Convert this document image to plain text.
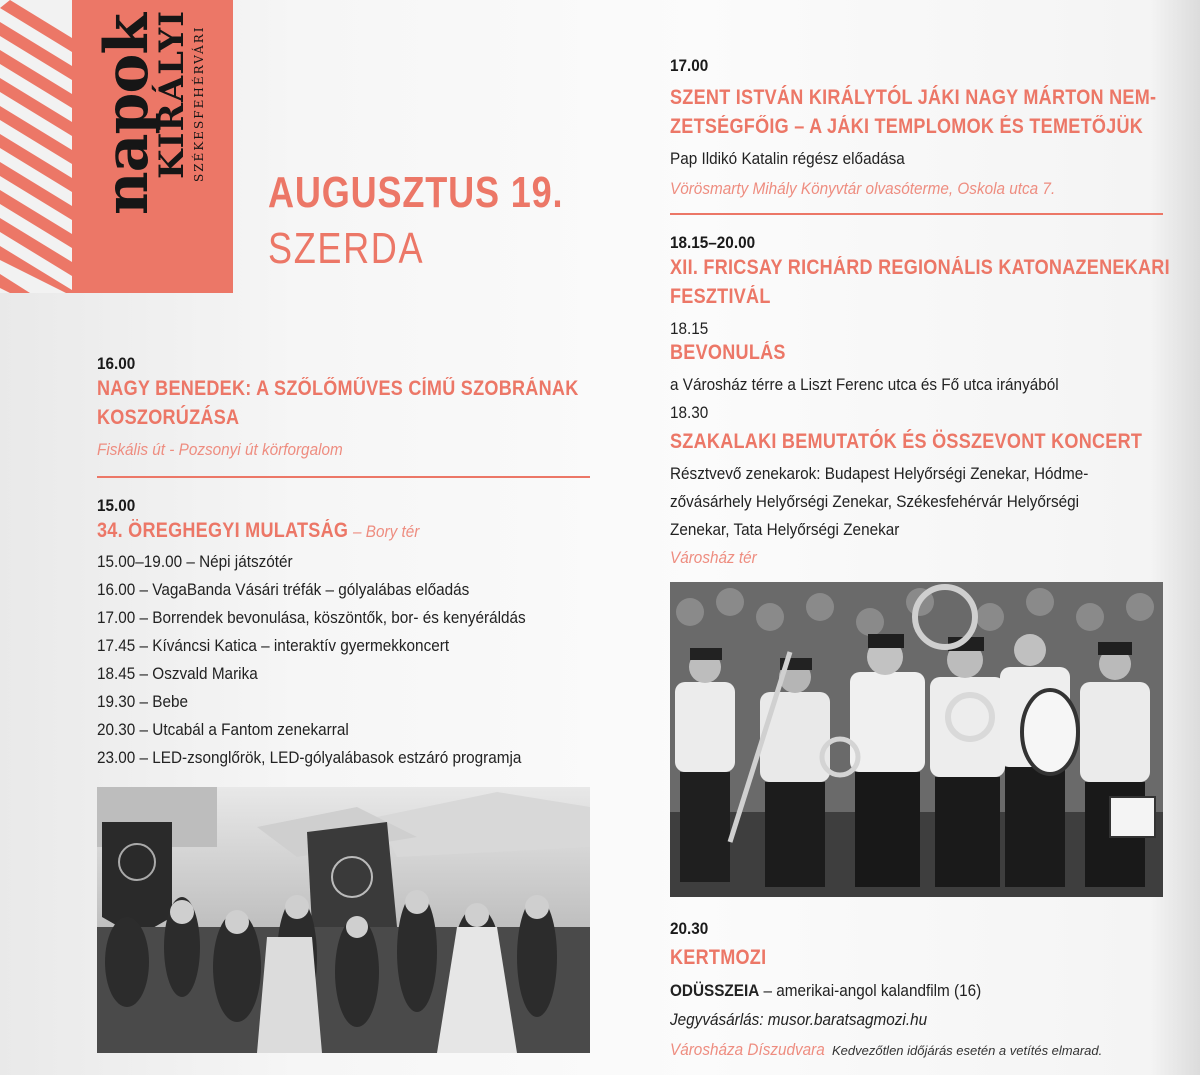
SZÉKESFEHÉRVÁRI
KIRÁLYI
napok AUGUSZTUS 19.
SZERDA
16.00
NAGY BENEDEK: A SZŐLŐMŰVES CÍMŰ SZOBRÁNAK
KOSZORÚZÁSA
Fiskális út - Pozsonyi út körforgalom
15.00
34. ÖREGHEGYI MULATSÁG – Bory tér
15.00–19.00 – Népi játszótér
16.00 – VagaBanda Vásári tréfák – gólyalábas előadás
17.00 – Borrendek bevonulása, köszöntők, bor- és kenyéráldás
17.45 – Kíváncsi Katica – interaktív gyermekkoncert
18.45 – Oszvald Marika
19.30 – Bebe
20.30 – Utcabál a Fantom zenekarral
23.00 – LED-zsonglőrök, LED-gólyalábasok estzáró programja
17.00
SZENT ISTVÁN KIRÁLYTÓL JÁKI NAGY MÁRTON NEM-
ZETSÉGFŐIG – A JÁKI TEMPLOMOK ÉS TEMETŐJÜK
Pap Ildikó Katalin régész előadása
Vörösmarty Mihály Könyvtár olvasóterme, Oskola utca 7.
18.15–20.00
XII. FRICSAY RICHÁRD REGIONÁLIS KATONAZENEKARI
FESZTIVÁL
18.15
BEVONULÁS
a Városház térre a Liszt Ferenc utca és Fő utca irányából
18.30
SZAKALAKI BEMUTATÓK ÉS ÖSSZEVONT KONCERT
Résztvevő zenekarok: Budapest Helyőrségi Zenekar, Hódme-
zővásárhely Helyőrségi Zenekar, Székesfehérvár Helyőrségi
Zenekar, Tata Helyőrségi Zenekar
Városház tér
20.30
KERTMOZI
ODÜSSZEIA – amerikai-angol kalandfilm (16)
Jegyvásárlás: musor.baratsagmozi.hu
Városháza Díszudvara Kedvezőtlen időjárás esetén a vetítés elmarad.
